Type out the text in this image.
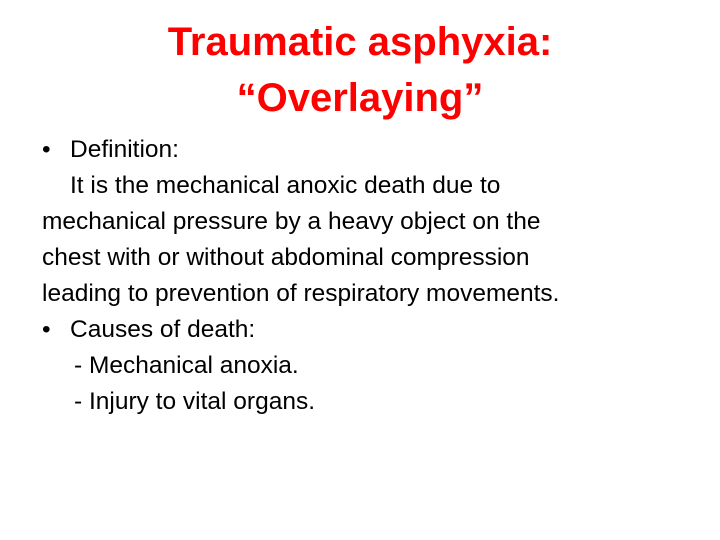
Traumatic asphyxia:
“Overlaying”
• Definition:
It is the mechanical anoxic death due to
mechanical pressure by a heavy object on the
chest with or without abdominal compression
leading to prevention of respiratory movements.
• Causes of death:
- Mechanical anoxia.
- Injury to vital organs.
